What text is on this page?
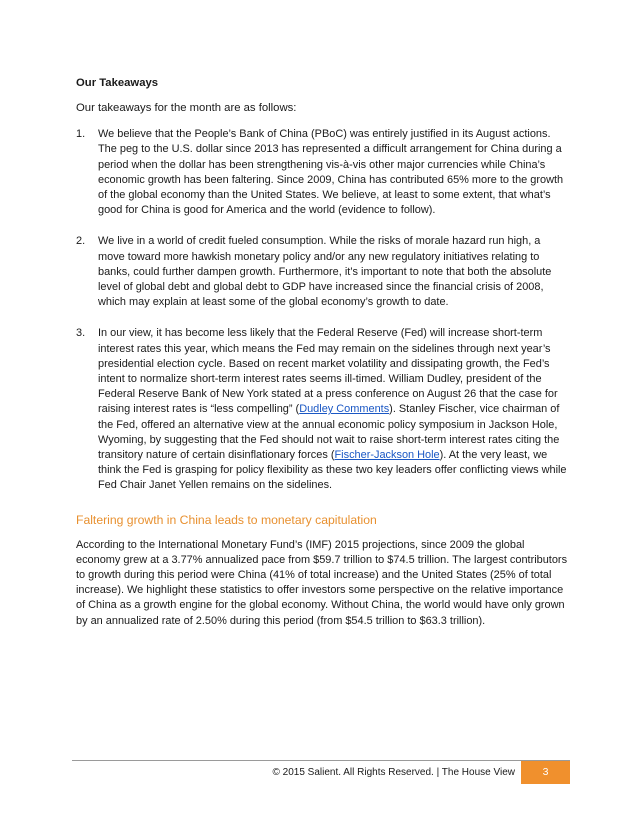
Our Takeaways

Our takeaways for the month are as follows:

1. We believe that the People’s Bank of China (PBoC) was entirely justified in its August actions. The peg to the U.S. dollar since 2013 has represented a difficult arrangement for China during a period when the dollar has been strengthening vis-à-vis other major currencies while China’s economic growth has been faltering. Since 2009, China has contributed 65% more to the growth of the global economy than the United States. We believe, at least to some extent, that what’s good for China is good for America and the world (evidence to follow).
2. We live in a world of credit fueled consumption. While the risks of morale hazard run high, a move toward more hawkish monetary policy and/or any new regulatory initiatives relating to banks, could further dampen growth. Furthermore, it’s important to note that both the absolute level of global debt and global debt to GDP have increased since the financial crisis of 2008, which may explain at least some of the global economy’s growth to date.
3. In our view, it has become less likely that the Federal Reserve (Fed) will increase short-term interest rates this year, which means the Fed may remain on the sidelines through next year’s presidential election cycle. Based on recent market volatility and dissipating growth, the Fed’s intent to normalize short-term interest rates seems ill-timed. William Dudley, president of the Federal Reserve Bank of New York stated at a press conference on August 26 that the case for raising interest rates is “less compelling” (Dudley Comments). Stanley Fischer, vice chairman of the Fed, offered an alternative view at the annual economic policy symposium in Jackson Hole, Wyoming, by suggesting that the Fed should not wait to raise short-term interest rates citing the transitory nature of certain disinflationary forces (Fischer-Jackson Hole). At the very least, we think the Fed is grasping for policy flexibility as these two key leaders offer conflicting views while Fed Chair Janet Yellen remains on the sidelines.
Faltering growth in China leads to monetary capitulation

According to the International Monetary Fund’s (IMF) 2015 projections, since 2009 the global economy grew at a 3.77% annualized pace from $59.7 trillion to $74.5 trillion. The largest contributors to growth during this period were China (41% of total increase) and the United States (25% of total increase). We highlight these statistics to offer investors some perspective on the relative importance of China as a growth engine for the global economy. Without China, the world would have only grown by an annualized rate of 2.50% during this period (from $54.5 trillion to $63.3 trillion).

© 2015 Salient. All Rights Reserved. | The House View	3
